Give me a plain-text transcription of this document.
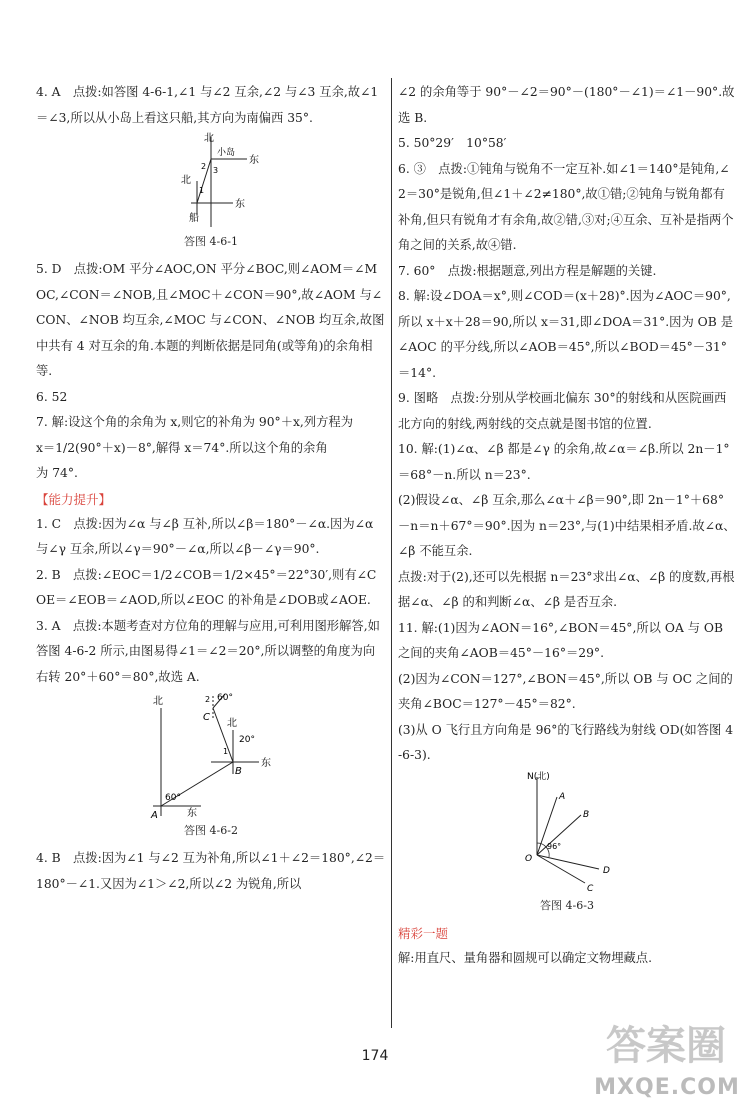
4. A　点拨:如答图 4-6-1,∠1 与∠2 互余,∠2 与∠3 互余,故∠1＝∠3,所以从小岛上看这只船,其方向为南偏西 35°.

北
小岛
东
北
船
东
1
2 3
答图 4-6-1

5. D　点拨:OM 平分∠AOC,ON 平分∠BOC,则∠AOM＝∠MOC,∠CON＝∠NOB,且∠MOC＋∠CON＝90°,故∠AOM 与∠CON、∠NOB 均互余,∠MOC 与∠CON、∠NOB 均互余,故图中共有 4 对互余的角.本题的判断依据是同角(或等角)的余角相等.

6. 52

7. 解:设这个角的余角为 x,则它的补角为 90°＋x,列方程为

x＝1/2(90°＋x)－8°,解得 x＝74°.所以这个角的余角

为 74°.

【能力提升】

1. C　点拨:因为∠α 与∠β 互补,所以∠β＝180°－∠α.因为∠α 与∠γ 互余,所以∠γ＝90°－∠α,所以∠β－∠γ＝90°.

2. B　点拨:∠EOC＝1/2∠COB＝1/2×45°＝22°30′,则有∠COE＝∠EOB＝∠AOD,所以∠EOC 的补角是∠DOB或∠AOE.

3. A　点拨:本题考查对方位角的理解与应用,可利用图形解答,如答图 4-6-2 所示,由图易得∠1＝∠2＝20°,所以调整的角度为向右转 20°＋60°＝80°,故选 A.

北
东
北
东
60°
60°
20°
A
B
C
1
2
答图 4-6-2

4. B　点拨:因为∠1 与∠2 互为补角,所以∠1＋∠2＝180°,∠2＝180°－∠1.又因为∠1＞∠2,所以∠2 为锐角,所以

∠2 的余角等于 90°－∠2＝90°－(180°－∠1)＝∠1－90°.故选 B.

5. 50°29′　10°58′

6. ③　点拨:①钝角与锐角不一定互补.如∠1＝140°是钝角,∠2＝30°是锐角,但∠1＋∠2≠180°,故①错;②钝角与锐角都有补角,但只有锐角才有余角,故②错,③对;④互余、互补是指两个角之间的关系,故④错.

7. 60°　点拨:根据题意,列出方程是解题的关键.

8. 解:设∠DOA＝x°,则∠COD＝(x＋28)°.因为∠AOC＝90°,所以 x＋x＋28＝90,所以 x＝31,即∠DOA＝31°.因为 OB 是∠AOC 的平分线,所以∠AOB＝45°,所以∠BOD＝45°－31°＝14°.

9. 图略　点拨:分别从学校画北偏东 30°的射线和从医院画西北方向的射线,两射线的交点就是图书馆的位置.

10. 解:(1)∠α、∠β 都是∠γ 的余角,故∠α＝∠β.所以 2n－1°＝68°－n.所以 n＝23°.

(2)假设∠α、∠β 互余,那么∠α＋∠β＝90°,即 2n－1°＋68°－n＝n＋67°＝90°.因为 n＝23°,与(1)中结果相矛盾.故∠α、∠β 不能互余.

点拨:对于(2),还可以先根据 n＝23°求出∠α、∠β 的度数,再根据∠α、∠β 的和判断∠α、∠β 是否互余.

11. 解:(1)因为∠AON＝16°,∠BON＝45°,所以 OA 与 OB 之间的夹角∠AOB＝45°－16°＝29°.

(2)因为∠CON＝127°,∠BON＝45°,所以 OB 与 OC 之间的夹角∠BOC＝127°－45°＝82°.

(3)从 O 飞行且方向角是 96°的飞行路线为射线 OD(如答图 4-6-3).

N(北)
A
B
D
C
O
96°
答图 4-6-3
精彩一题

解:用直尺、量角器和圆规可以确定文物埋藏点.

174	答案圈
MXQE.COM
